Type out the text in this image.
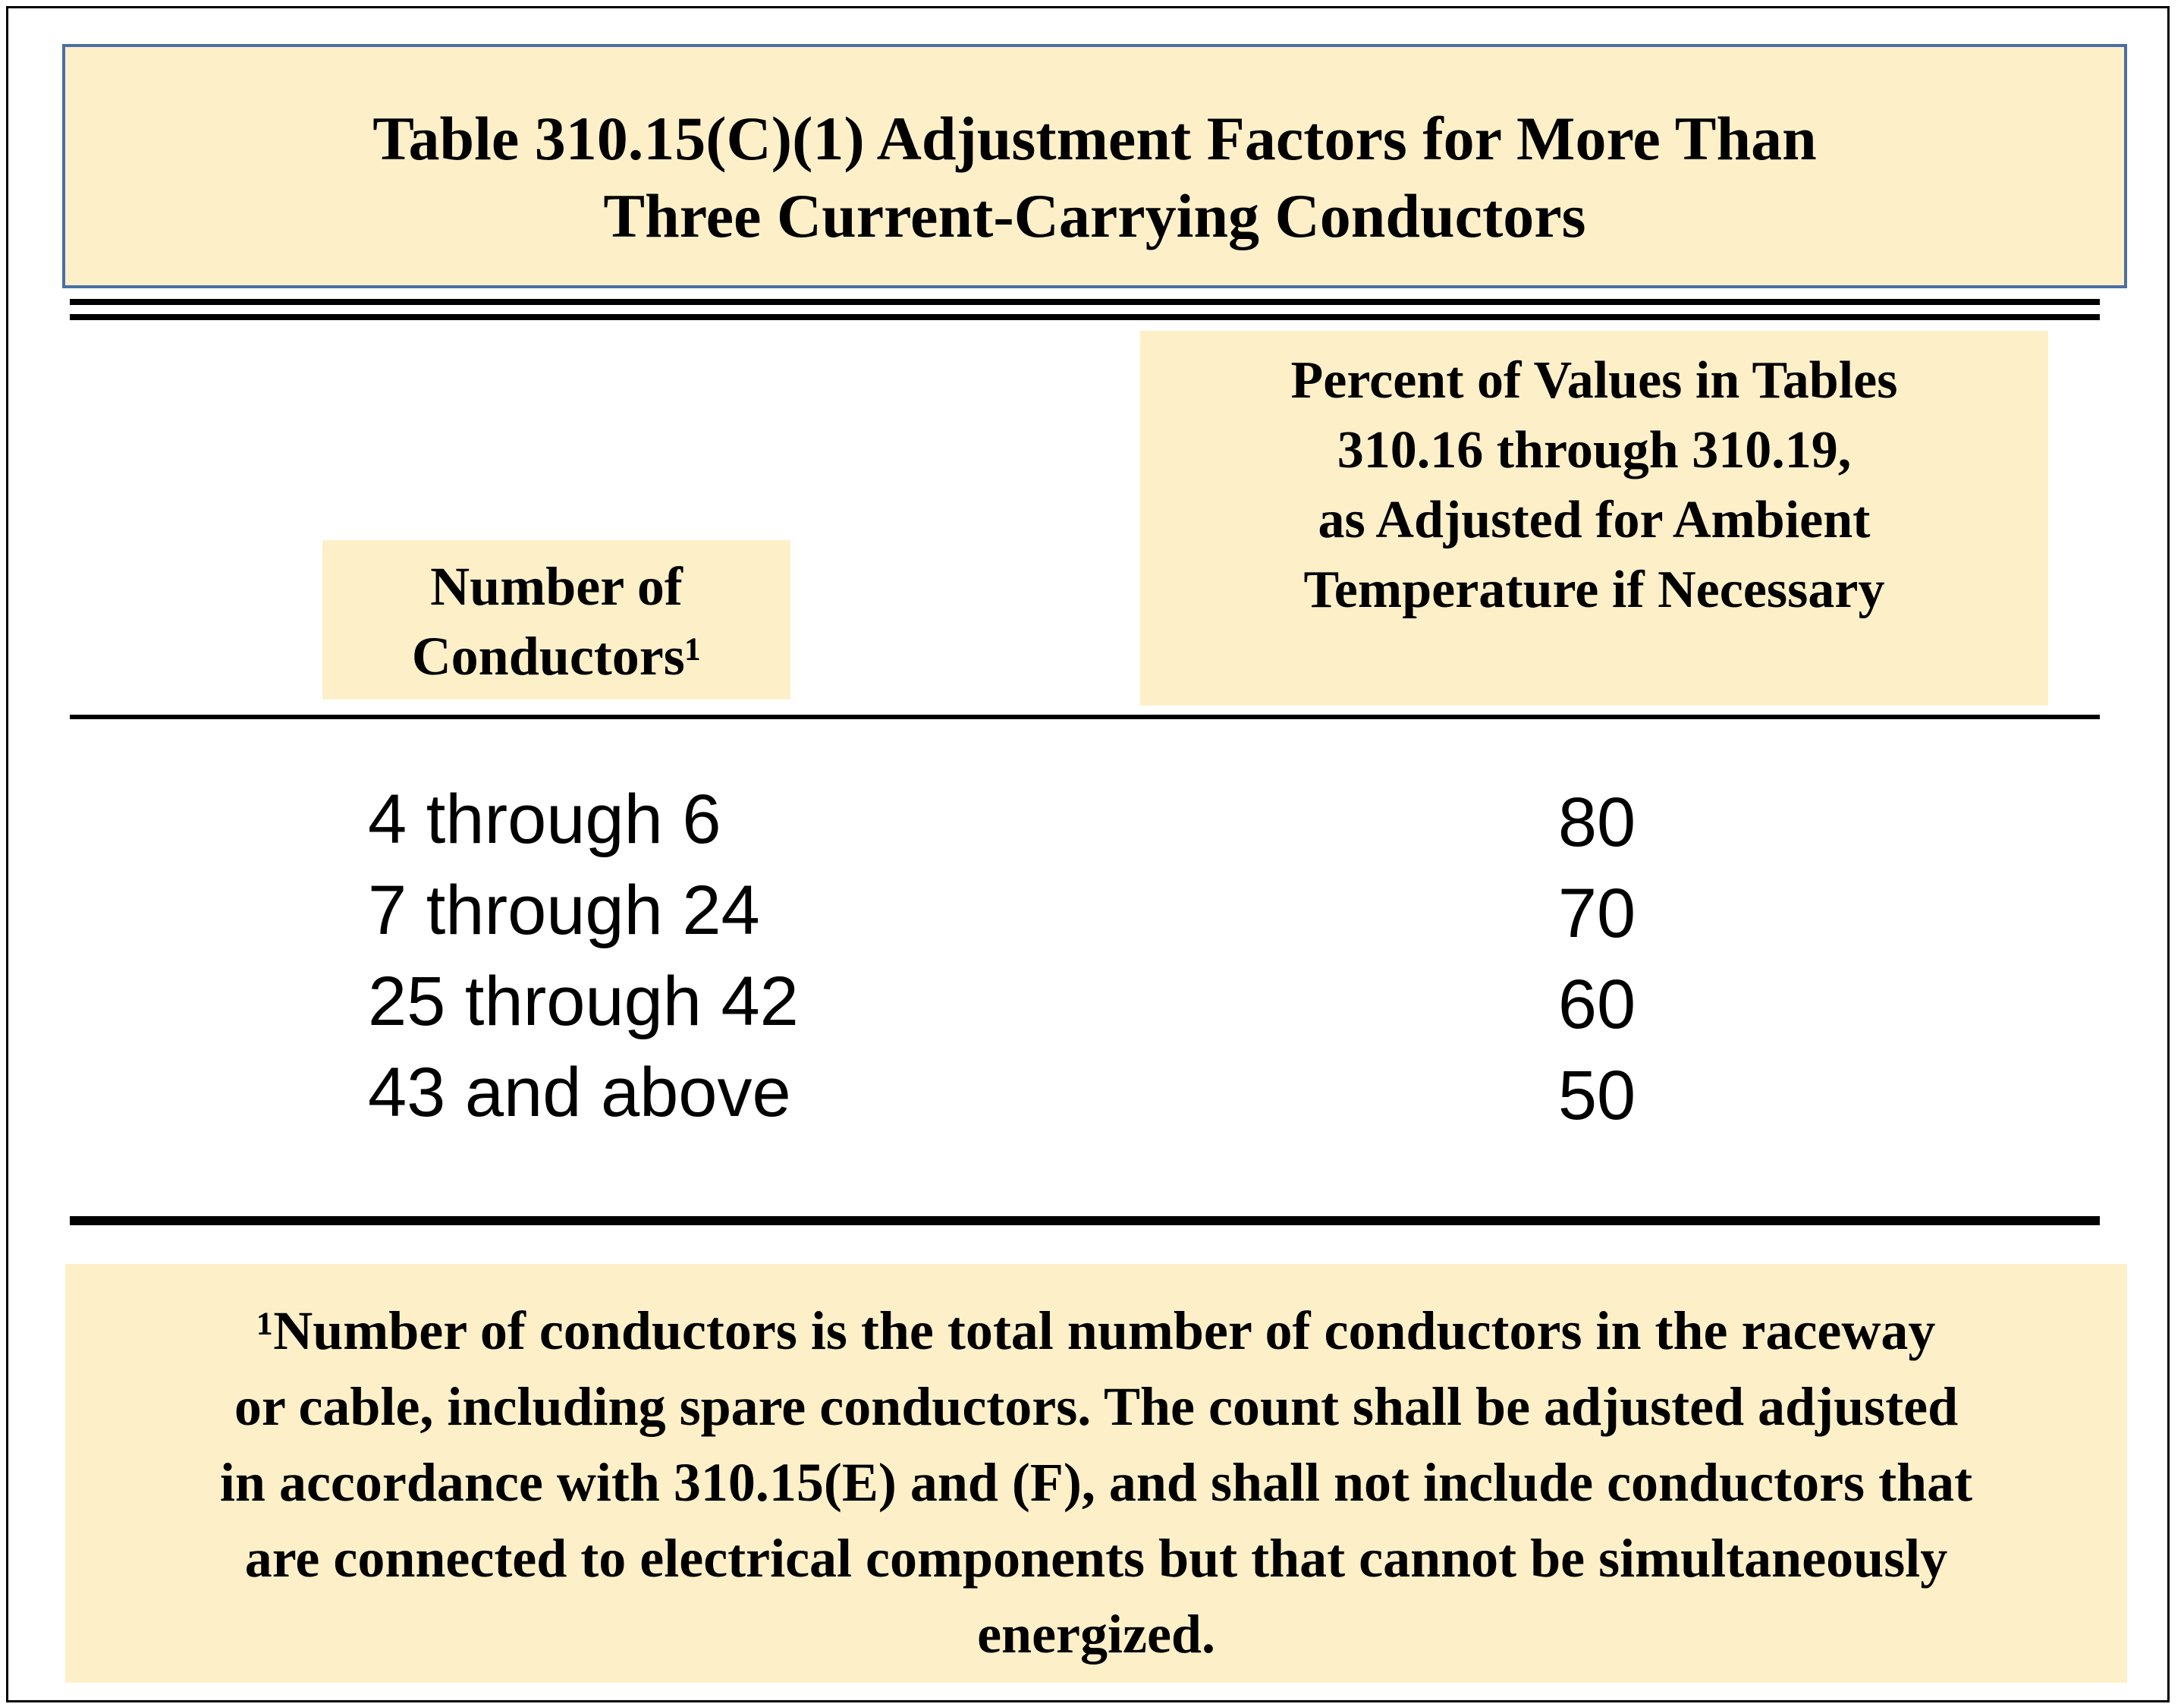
Table 310.15(C)(1) Adjustment Factors for More Than
Three Current-Carrying Conductors
Number of
Conductors¹
Percent of Values in Tables
310.16 through 310.19,
as Adjusted for Ambient
Temperature if Necessary
4 through 6	80
7 through 24	70
25 through 42	60
43 and above	50
¹Number of conductors is the total number of conductors in the raceway
or cable, including spare conductors. The count shall be adjusted adjusted
in accordance with 310.15(E) and (F), and shall not include conductors that
are connected to electrical components but that cannot be simultaneously
energized.
